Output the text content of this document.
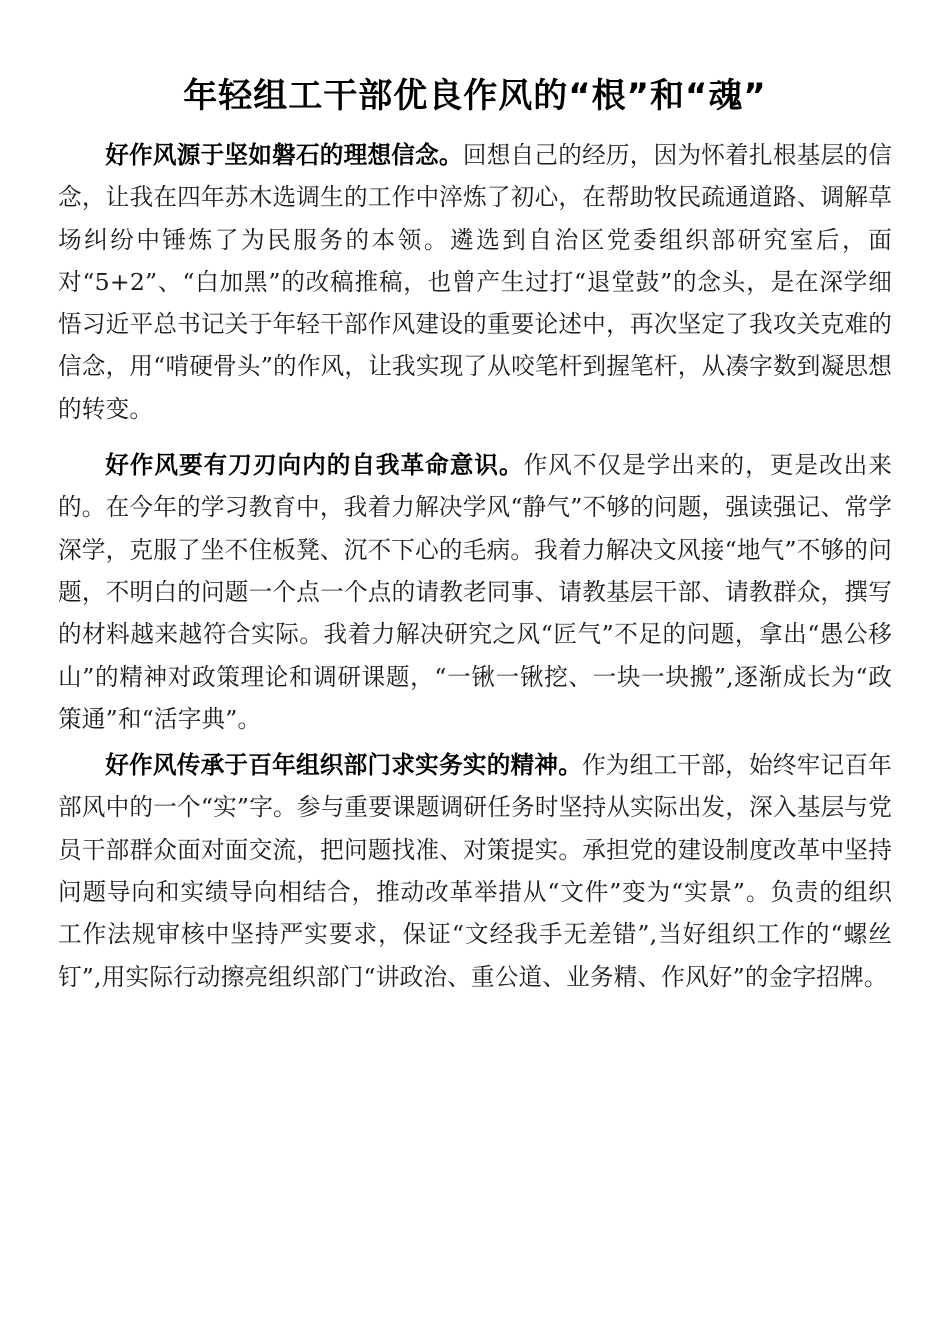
年轻组工干部优良作风的“根”和“魂”

好作风源于坚如磐石的理想信念。回想自己的经历，因为怀着扎根基层的信念，让我在四年苏木选调生的工作中淬炼了初心，在帮助牧民疏通道路、调解草场纠纷中锤炼了为民服务的本领。遴选到自治区党委组织部研究室后，面对“5+2”、“白加黑”的改稿推稿，也曾产生过打“退堂鼓”的念头，是在深学细悟习近平总书记关于年轻干部作风建设的重要论述中，再次坚定了我攻关克难的信念，用“啃硬骨头”的作风，让我实现了从咬笔杆到握笔杆，从凑字数到凝思想的转变。

好作风要有刀刃向内的自我革命意识。作风不仅是学出来的，更是改出来的。在今年的学习教育中，我着力解决学风“静气”不够的问题，强读强记、常学深学，克服了坐不住板凳、沉不下心的毛病。我着力解决文风接“地气”不够的问题，不明白的问题一个点一个点的请教老同事、请教基层干部、请教群众，撰写的材料越来越符合实际。我着力解决研究之风“匠气”不足的问题，拿出“愚公移山”的精神对政策理论和调研课题，“一锹一锹挖、一块一块搬”,逐渐成长为“政策通”和“活字典”。

好作风传承于百年组织部门求实务实的精神。作为组工干部，始终牢记百年部风中的一个“实”字。参与重要课题调研任务时坚持从实际出发，深入基层与党员干部群众面对面交流，把问题找准、对策提实。承担党的建设制度改革中坚持问题导向和实绩导向相结合，推动改革举措从“文件”变为“实景”。负责的组织工作法规审核中坚持严实要求，保证“文经我手无差错”,当好组织工作的“螺丝钉”,用实际行动擦亮组织部门“讲政治、重公道、业务精、作风好”的金字招牌。
